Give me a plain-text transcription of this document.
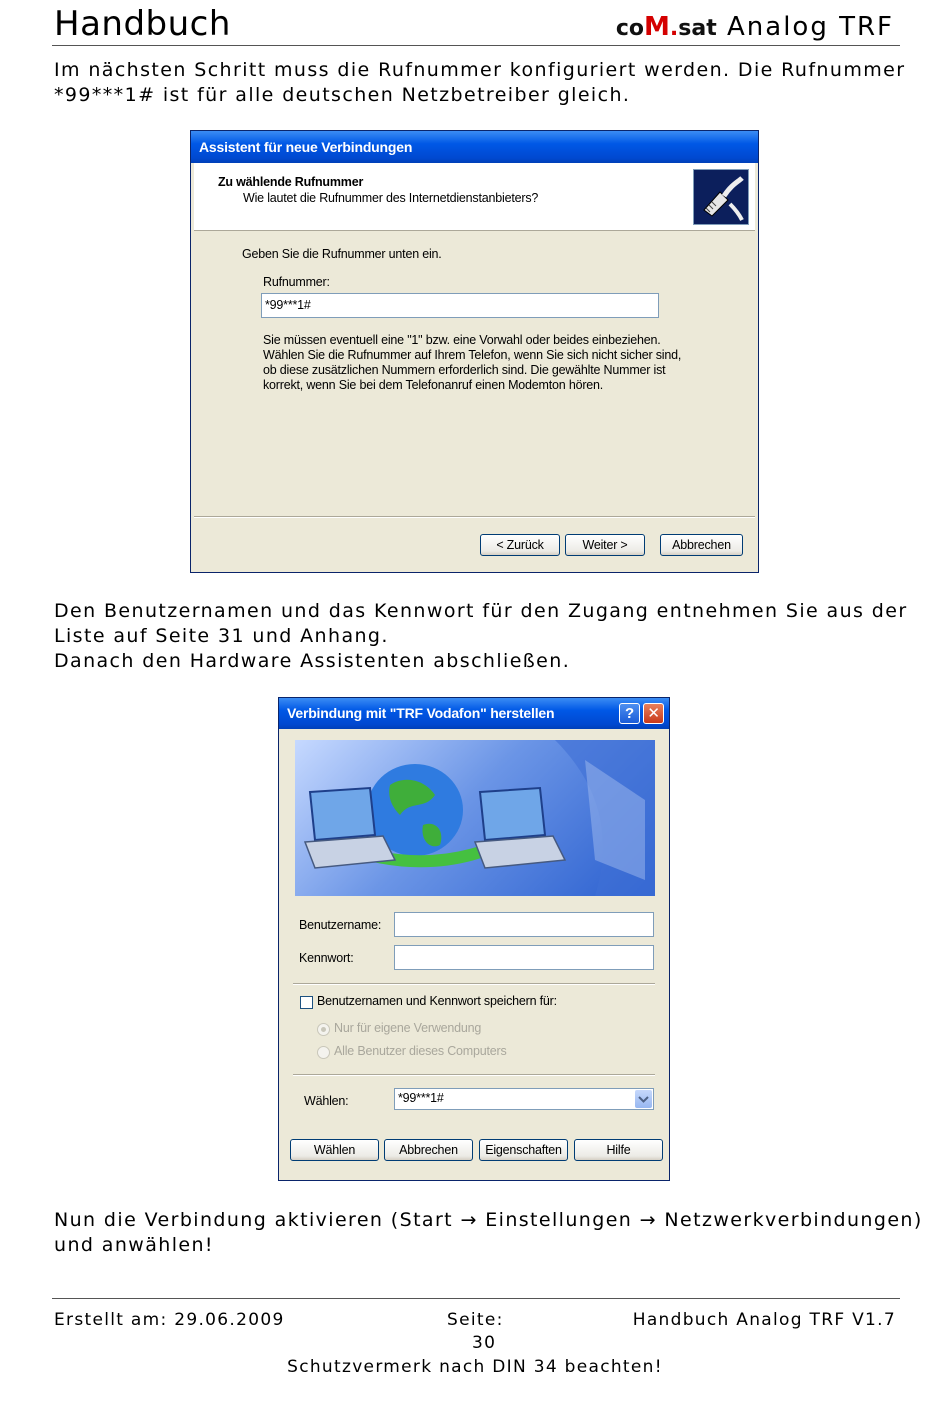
Handbuch	coM.sat Analog TRF
Im nächsten Schritt muss die Rufnummer konfiguriert werden. Die Rufnummer
*99***1# ist für alle deutschen Netzbetreiber gleich.
Assistent für neue Verbindungen
Zu wählende Rufnummer
Wie lautet die Rufnummer des Internetdienstanbieters?
Geben Sie die Rufnummer unten ein.
Rufnummer:
*99***1#
Sie müssen eventuell eine "1" bzw. eine Vorwahl oder beides einbeziehen.
Wählen Sie die Rufnummer auf Ihrem Telefon, wenn Sie sich nicht sicher sind,
ob diese zusätzlichen Nummern erforderlich sind. Die gewählte Nummer ist
korrekt, wenn Sie bei dem Telefonanruf einen Modemton hören.
< Zurück	Weiter >	Abbrechen
Den Benutzernamen und das Kennwort für den Zugang entnehmen Sie aus der
Liste auf Seite 31 und Anhang.
Danach den Hardware Assistenten abschließen.
Verbindung mit "TRF Vodafon" herstellen	? ✕
Benutzername:
Kennwort:
Benutzernamen und Kennwort speichern für:
Nur für eigene Verwendung
Alle Benutzer dieses Computers
Wählen:	*99***1#
Wählen	Abbrechen	Eigenschaften	Hilfe
Nun die Verbindung aktivieren (Start → Einstellungen → Netzwerkverbindungen)
und anwählen!
Erstellt am: 29.06.2009	Seite:
30
Handbuch Analog TRF V1.7
Schutzvermerk nach DIN 34 beachten!
